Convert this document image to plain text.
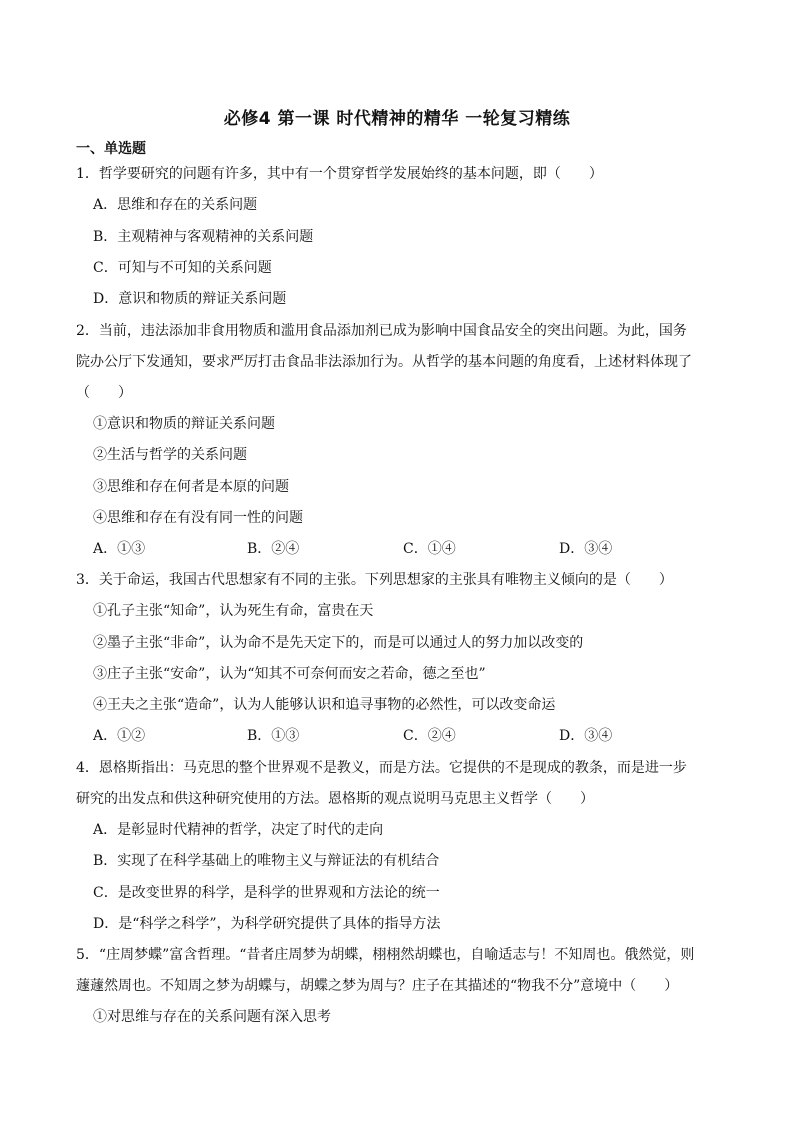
必修4 第一课 时代精神的精华 一轮复习精练
一、单选题
1．哲学要研究的问题有许多，其中有一个贯穿哲学发展始终的基本问题，即（　　）
A．思维和存在的关系问题
B．主观精神与客观精神的关系问题
C．可知与不可知的关系问题
D．意识和物质的辩证关系问题
2．当前，违法添加非食用物质和滥用食品添加剂已成为影响中国食品安全的突出问题。为此，国务
院办公厅下发通知，要求严厉打击食品非法添加行为。从哲学的基本问题的角度看，上述材料体现了
（　　）
①意识和物质的辩证关系问题
②生活与哲学的关系问题
③思维和存在何者是本原的问题
④思维和存在有没有同一性的问题
A．①③	B．②④	C．①④	D．③④
3．关于命运，我国古代思想家有不同的主张。下列思想家的主张具有唯物主义倾向的是（　　）
①孔子主张“知命”，认为死生有命，富贵在天
②墨子主张“非命”，认为命不是先天定下的，而是可以通过人的努力加以改变的
③庄子主张“安命”，认为“知其不可奈何而安之若命，德之至也”
④王夫之主张“造命”，认为人能够认识和追寻事物的必然性，可以改变命运
A．①②	B．①③	C．②④	D．③④
4．恩格斯指出：马克思的整个世界观不是教义，而是方法。它提供的不是现成的教条，而是进一步
研究的出发点和供这种研究使用的方法。恩格斯的观点说明马克思主义哲学（　　）
A．是彰显时代精神的哲学，决定了时代的走向
B．实现了在科学基础上的唯物主义与辩证法的有机结合
C．是改变世界的科学，是科学的世界观和方法论的统一
D．是“科学之科学”，为科学研究提供了具体的指导方法
5．“庄周梦蝶”富含哲理。“昔者庄周梦为胡蝶，栩栩然胡蝶也，自喻适志与！不知周也。俄然觉，则
蘧蘧然周也。不知周之梦为胡蝶与，胡蝶之梦为周与？庄子在其描述的“物我不分”意境中（　　）
①对思维与存在的关系问题有深入思考
